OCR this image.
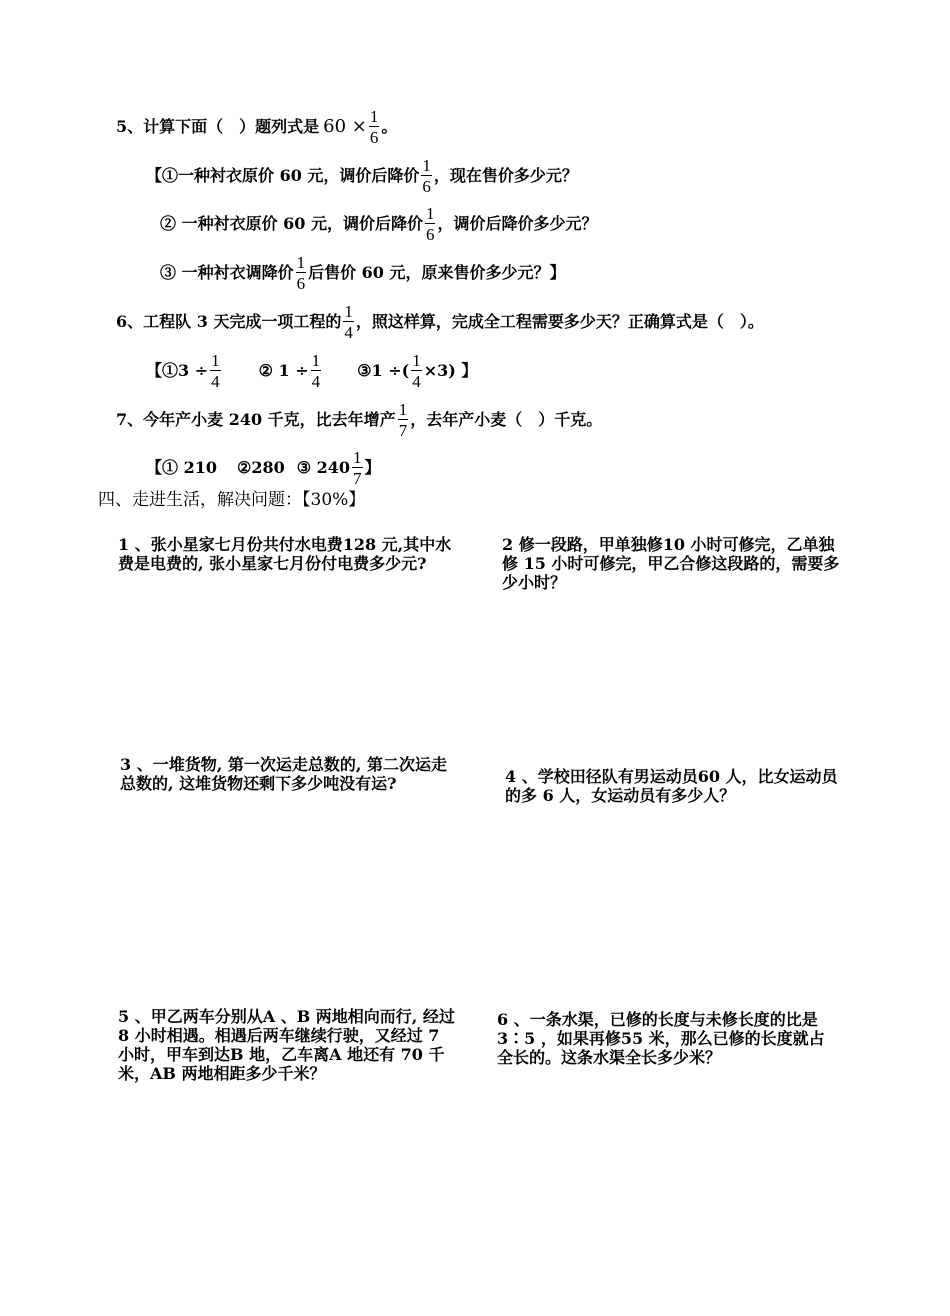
5、计算下面（　）题列式是 $60 \times \frac{1}{6}$ 。
【①一种衬衣原价 60 元，调价后降价 $\frac{1}{6}$ ，现在售价多少元？
② 一种衬衣原价 60 元，调价后降价 $\frac{1}{6}$ ，调价后降价多少元？
③ 一种衬衣调降价 $\frac{1}{6}$ 后售价 60 元，原来售价多少元？】
6、工程队 3 天完成一项工程的 $\frac{1}{4}$ ，照这样算，完成全工程需要多少天？正确算式是（　）。
【①3 ÷ $\frac{1}{4}$ ② $1 \div \frac{1}{4}$ ③1 ÷( $\frac{1}{4} \times 3$) 】
7、今年产小麦 240 千克，比去年增产 $\frac{1}{7}$ ，去年产小麦（　）千克。
【① 210 ②280 ③ $240 \frac{1}{7}$ 】
四、走进生活，解决问题：【30%】
1 、张小星家七月份共付水电费128 元,其中水费是电费的, 张小星家七月份付电费多少元?
2 修一段路，甲单独修10 小时可修完，乙单独修 15 小时可修完，甲乙合修这段路的，需要多少小时？
3 、一堆货物, 第一次运走总数的, 第二次运走总数的, 这堆货物还剩下多少吨没有运?	4 、学校田径队有男运动员60 人，比女运动员的多 6 人，女运动员有多少人？
5 、甲乙两车分别从A 、B 两地相向而行, 经过 8 小时相遇。相遇后两车继续行驶，又经过 7 小时，甲车到达B 地，乙车离A 地还有 70 千米，AB 两地相距多少千米？
6 、一条水渠，已修的长度与未修长度的比是 3∶5 ，如果再修55 米，那么已修的长度就占全长的。这条水渠全长多少米？
